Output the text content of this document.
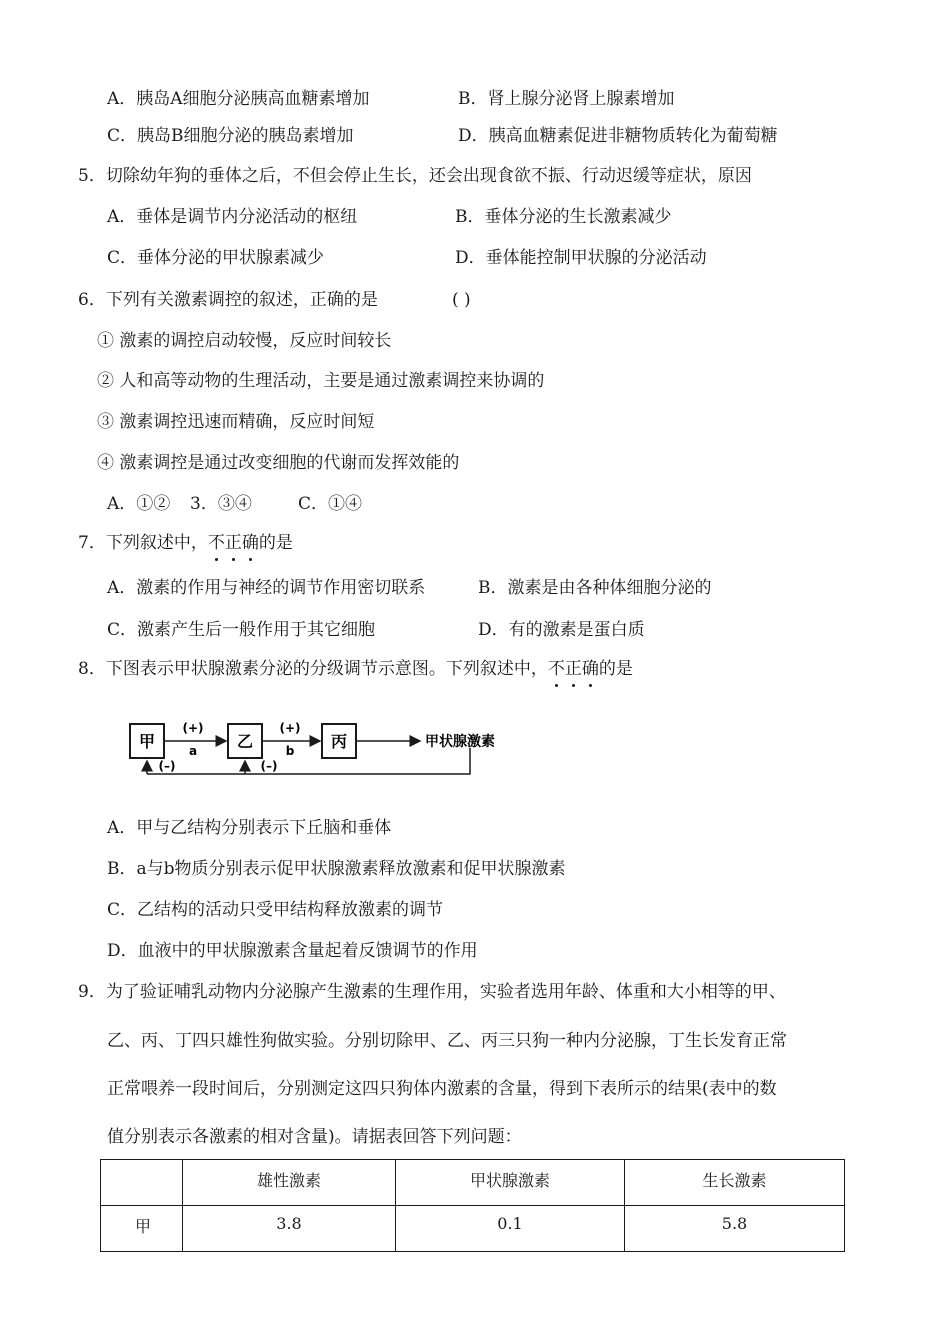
A．胰岛A细胞分泌胰高血糖素增加	B．肾上腺分泌肾上腺素增加
C．胰岛B细胞分泌的胰岛素增加	D．胰高血糖素促进非糖物质转化为葡萄糖
5．切除幼年狗的垂体之后，不但会停止生长，还会出现食欲不振、行动迟缓等症状，原因
A．垂体是调节内分泌活动的枢纽	B．垂体分泌的生长激素减少
C．垂体分泌的甲状腺素减少	D．垂体能控制甲状腺的分泌活动
6．下列有关激素调控的叙述，正确的是	( )
① 激素的调控启动较慢，反应时间较长
② 人和高等动物的生理活动，主要是通过激素调控来协调的
③ 激素调控迅速而精确，反应时间短
④ 激素调控是通过改变细胞的代谢而发挥效能的
A．①② 3．③④	C．①④
7．下列叙述中，不正确的是
A．激素的作用与神经的调节作用密切联系	B．激素是由各种体细胞分泌的
C．激素产生后一般作用于其它细胞	D．有的激素是蛋白质
8．下图表示甲状腺激素分泌的分级调节示意图。下列叙述中，不正确的是
甲	乙	丙
(+)
a
(+)
b
甲状腺激素
(–)	(–)
A．甲与乙结构分别表示下丘脑和垂体
B．a与b物质分别表示促甲状腺激素释放激素和促甲状腺激素
C．乙结构的活动只受甲结构释放激素的调节
D．血液中的甲状腺激素含量起着反馈调节的作用
9．为了验证哺乳动物内分泌腺产生激素的生理作用，实验者选用年龄、体重和大小相等的甲、
乙、丙、丁四只雄性狗做实验。分别切除甲、乙、丙三只狗一种内分泌腺，丁生长发育正常
正常喂养一段时间后，分别测定这四只狗体内激素的含量，得到下表所示的结果(表中的数
值分别表示各激素的相对含量)。请据表回答下列问题：
	雄性激素	甲状腺激素	生长激素
甲	3.8	0.1	5.8
